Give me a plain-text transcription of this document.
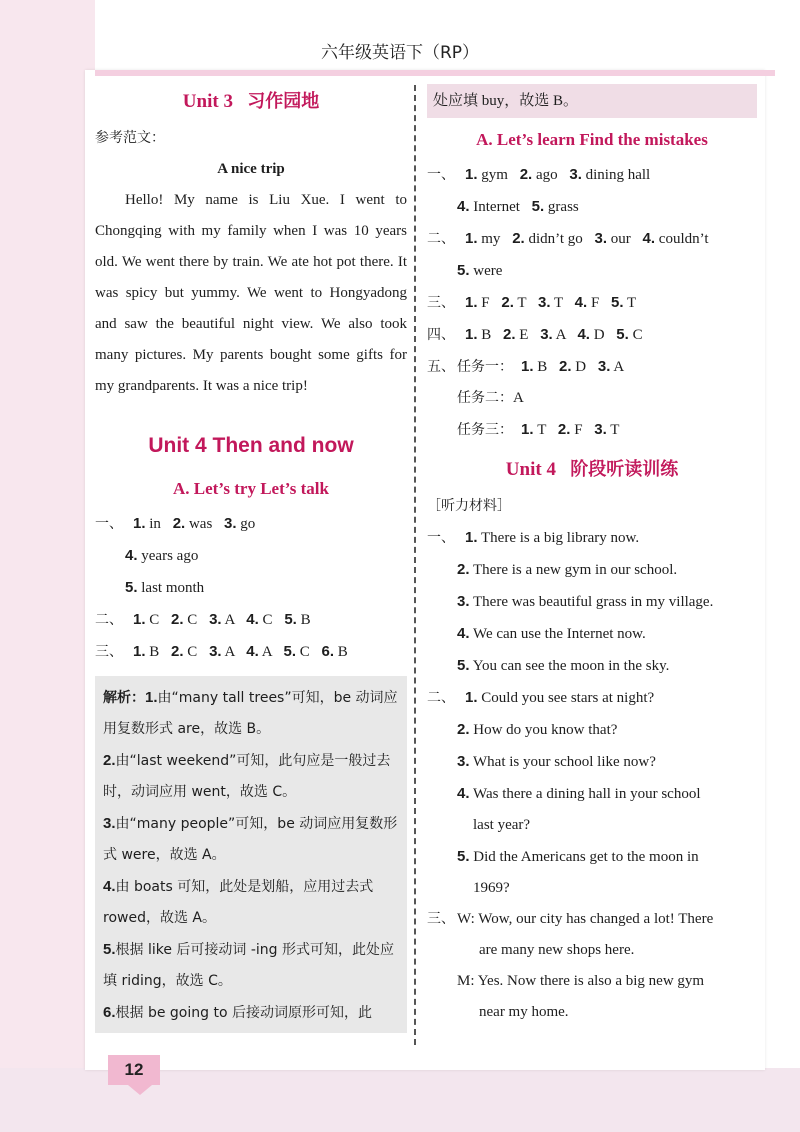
六年级英语下（RP）
Unit 3 习作园地
参考范文：
A nice trip

Hello! My name is Liu Xue. I went to Chongqing with my family when I was 10 years old. We went there by train. We ate hot pot there. It was spicy but yummy. We went to Hongyadong and saw the beautiful night view. We also took many pictures. My parents bought some gifts for my grandparents. It was a nice trip!

Unit 4 Then and now
A. Let’s try Let’s talk
一、 1. in 2. was 3. go
4. years ago
5. last month
二、 1. C 2. C 3. A 4. C 5. B
三、 1. B 2. C 3. A 4. A 5. C 6. B
解析：1.由“many tall trees”可知，be 动词应用复数形式 are，故选 B。
2.由“last weekend”可知，此句应是一般过去时，动词应用 went，故选 C。
3.由“many people”可知，be 动词应用复数形式 were，故选 A。
4.由 boats 可知，此处是划船，应用过去式 rowed，故选 A。
5.根据 like 后可接动词 -ing 形式可知，此处应填 riding，故选 C。
6.根据 be going to 后接动词原形可知，此
处应填 buy，故选 B。
A. Let’s learn Find the mistakes
一、 1. gym 2. ago 3. dining hall
4. Internet 5. grass
二、 1. my 2. didn’t go 3. our 4. couldn’t
5. were
三、 1. F 2. T 3. T 4. F 5. T
四、 1. B 2. E 3. A 4. D 5. C
五、 任务一： 1. B 2. D 3. A
任务二：A
任务三： 1. T 2. F 3. T
Unit 4 阶段听读训练
［听力材料］
一、 1. There is a big library now.
2. There is a new gym in our school.
3. There was beautiful grass in my village.
4. We can use the Internet now.
5. You can see the moon in the sky.
二、 1. Could you see stars at night?
2. How do you know that?
3. What is your school like now?
4. Was there a dining hall in your school
last year?
5. Did the Americans get to the moon in
1969?
三、 W: Wow, our city has changed a lot! There
are many new shops here.
M: Yes. Now there is also a big new gym
near my home.
12
